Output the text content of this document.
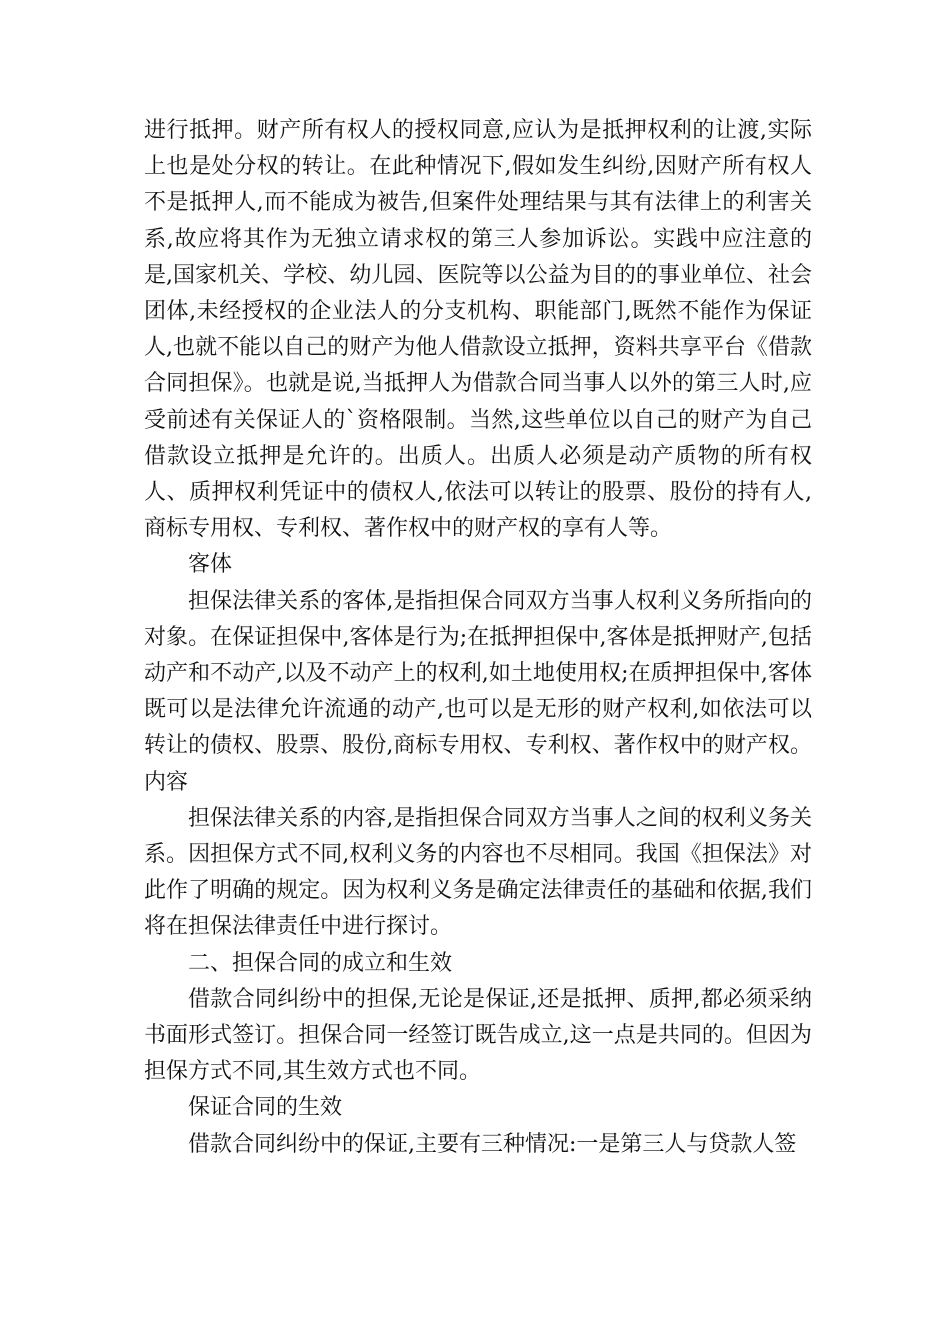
进行抵押。财产所有权人的授权同意,应认为是抵押权利的让渡,实际上也是处分权的转让。在此种情况下,假如发生纠纷,因财产所有权人不是抵押人,而不能成为被告,但案件处理结果与其有法律上的利害关系,故应将其作为无独立请求权的第三人参加诉讼。实践中应注意的是,国家机关、学校、幼儿园、医院等以公益为目的的事业单位、社会团体,未经授权的企业法人的分支机构、职能部门,既然不能作为保证人,也就不能以自己的财产为他人借款设立抵押，资料共享平台《借款合同担保》。也就是说,当抵押人为借款合同当事人以外的第三人时,应受前述有关保证人的`资格限制。当然,这些单位以自己的财产为自己借款设立抵押是允许的。出质人。出质人必须是动产质物的所有权人、质押权利凭证中的债权人,依法可以转让的股票、股份的持有人,商标专用权、专利权、著作权中的财产权的享有人等。

客体

担保法律关系的客体,是指担保合同双方当事人权利义务所指向的对象。在保证担保中,客体是行为;在抵押担保中,客体是抵押财产,包括动产和不动产,以及不动产上的权利,如土地使用权;在质押担保中,客体既可以是法律允许流通的动产,也可以是无形的财产权利,如依法可以转让的债权、股票、股份,商标专用权、专利权、著作权中的财产权。 内容

担保法律关系的内容,是指担保合同双方当事人之间的权利义务关系。因担保方式不同,权利义务的内容也不尽相同。我国《担保法》对此作了明确的规定。因为权利义务是确定法律责任的基础和依据,我们将在担保法律责任中进行探讨。

二、担保合同的成立和生效

借款合同纠纷中的担保,无论是保证,还是抵押、质押,都必须采纳书面形式签订。担保合同一经签订既告成立,这一点是共同的。但因为担保方式不同,其生效方式也不同。

保证合同的生效

借款合同纠纷中的保证,主要有三种情况:一是第三人与贷款人签
